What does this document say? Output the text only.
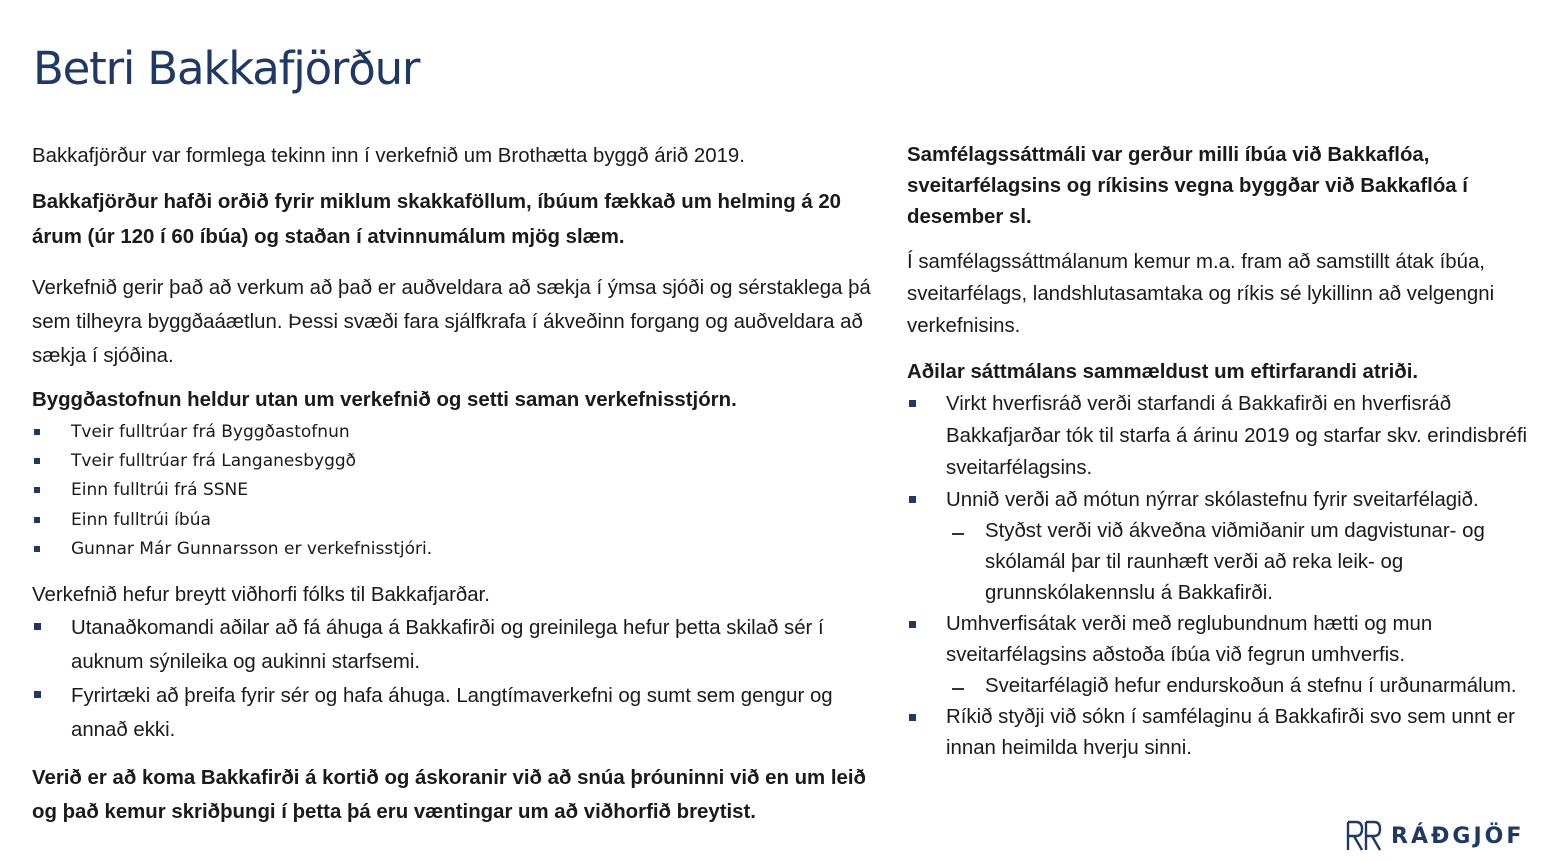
Betri Bakkafjörður

Bakkafjörður var formlega tekinn inn í verkefnið um Brothætta byggð árið 2019.

Bakkafjörður hafði orðið fyrir miklum skakkaföllum, íbúum fækkað um helming á 20 árum (úr 120 í 60 íbúa) og staðan í atvinnumálum mjög slæm.

Verkefnið gerir það að verkum að það er auðveldara að sækja í ýmsa sjóði og sérstaklega þá sem tilheyra byggðaáætlun. Þessi svæði fara sjálfkrafa í ákveðinn forgang og auðveldara að sækja í sjóðina.

Byggðastofnun heldur utan um verkefnið og setti saman verkefnisstjórn.

Tveir fulltrúar frá Byggðastofnun
Tveir fulltrúar frá Langanesbyggð
Einn fulltrúi frá SSNE
Einn fulltrúi íbúa
Gunnar Már Gunnarsson er verkefnisstjóri.

Verkefnið hefur breytt viðhorfi fólks til Bakkafjarðar.

Utanaðkomandi aðilar að fá áhuga á Bakkafirði og greinilega hefur þetta skilað sér í auknum sýnileika og aukinni starfsemi.
Fyrirtæki að þreifa fyrir sér og hafa áhuga. Langtímaverkefni og sumt sem gengur og annað ekki.

Verið er að koma Bakkafirði á kortið og áskoranir við að snúa þróuninni við en um leið og það kemur skriðþungi í þetta þá eru væntingar um að viðhorfið breytist.

Samfélagssáttmáli var gerður milli íbúa við Bakkaflóa, sveitarfélagsins og ríkisins vegna byggðar við Bakkaflóa í desember sl.

Í samfélagssáttmálanum kemur m.a. fram að samstillt átak íbúa, sveitarfélags, landshlutasamtaka og ríkis sé lykillinn að velgengni verkefnisins.

Aðilar sáttmálans sammældust um eftirfarandi atriði.

Virkt hverfisráð verði starfandi á Bakkafirði en hverfisráð Bakkafjarðar tók til starfa á árinu 2019 og starfar skv. erindisbréfi sveitarfélagsins.
Unnið verði að mótun nýrrar skólastefnu fyrir sveitarfélagið.
Styðst verði við ákveðna viðmiðanir um dagvistunar- og skólamál þar til raunhæft verði að reka leik- og grunnskólakennslu á Bakkafirði.
Umhverfisátak verði með reglubundnum hætti og mun sveitarfélagsins aðstoða íbúa við fegrun umhverfis.
Sveitarfélagið hefur endurskoðun á stefnu í urðunarmálum.
Ríkið styðji við sókn í samfélaginu á Bakkafirði svo sem unnt er innan heimilda hverju sinni.
RÁÐGJÖF
